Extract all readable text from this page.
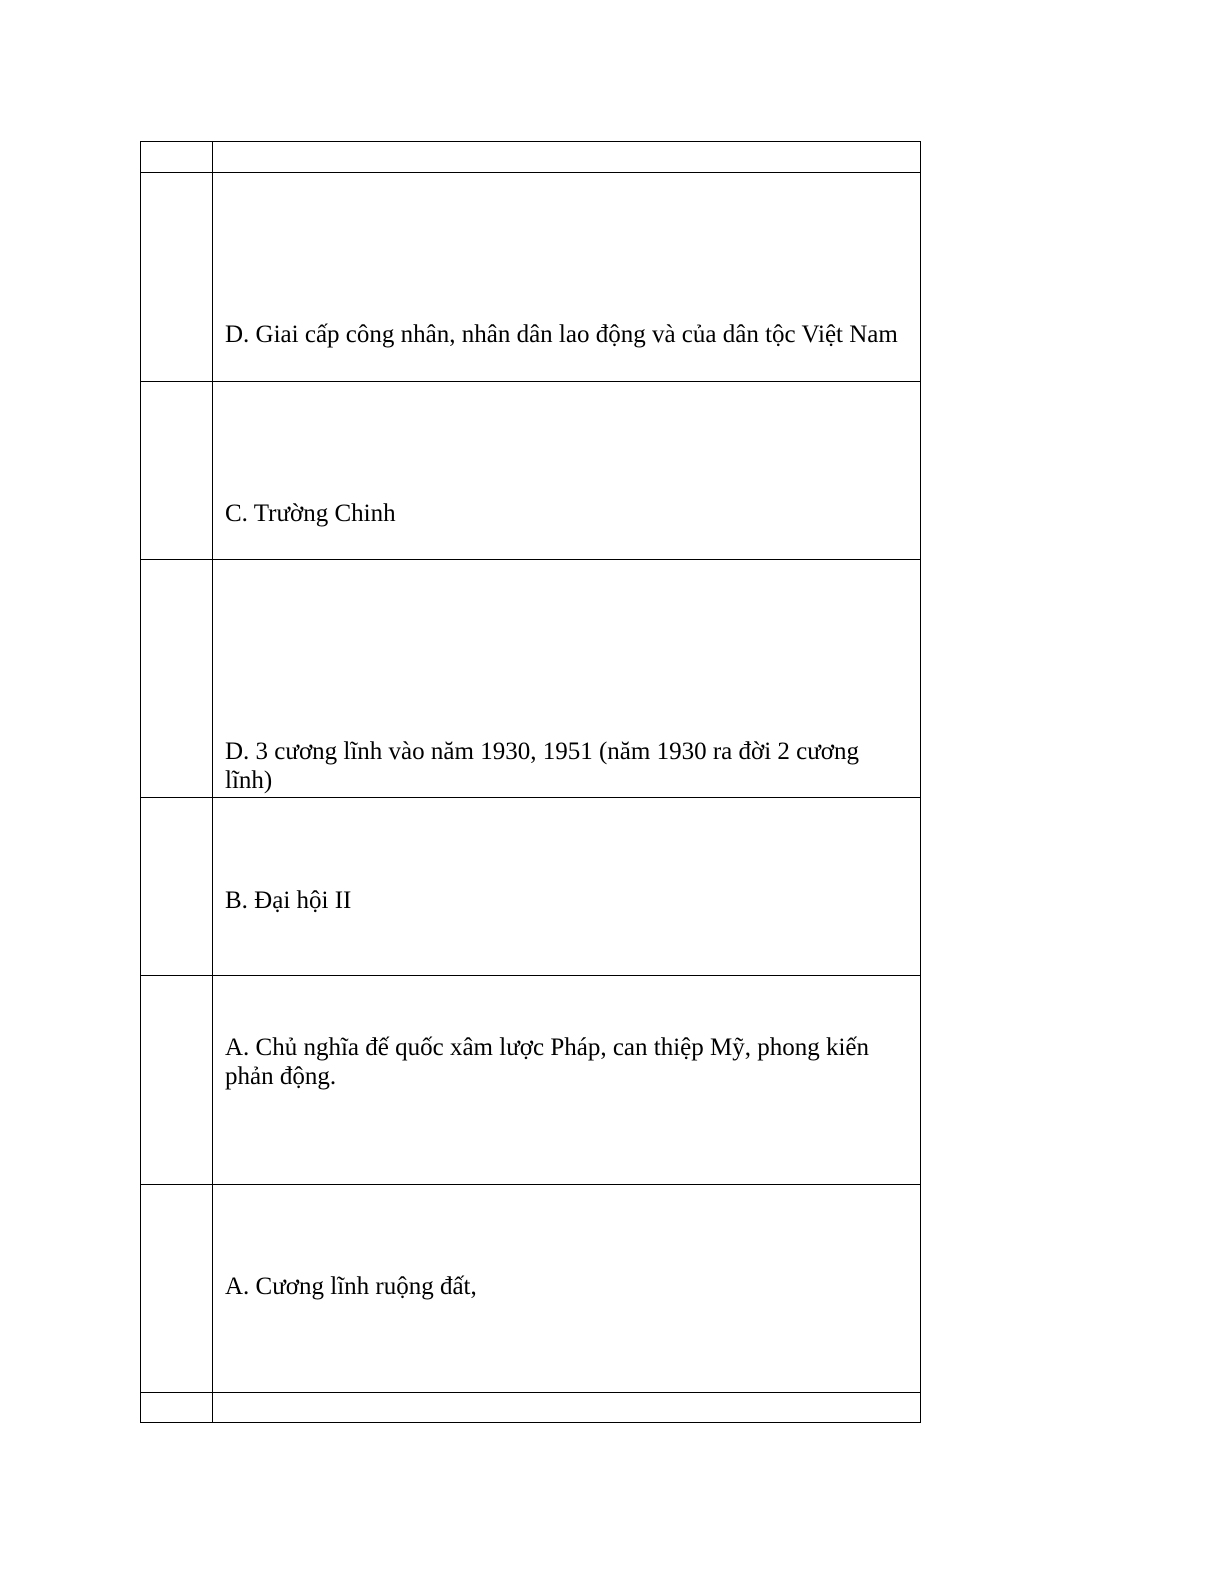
	D. Giai cấp công nhân, nhân dân lao động và của dân tộc Việt Nam

	C. Trường Chinh

	D. 3 cương lĩnh vào năm 1930, 1951 (năm 1930 ra đời 2 cương lĩnh)

	B. Đại hội II

	A. Chủ nghĩa đế quốc xâm lược Pháp, can thiệp Mỹ, phong kiến phản động.

	A. Cương lĩnh ruộng đất,
